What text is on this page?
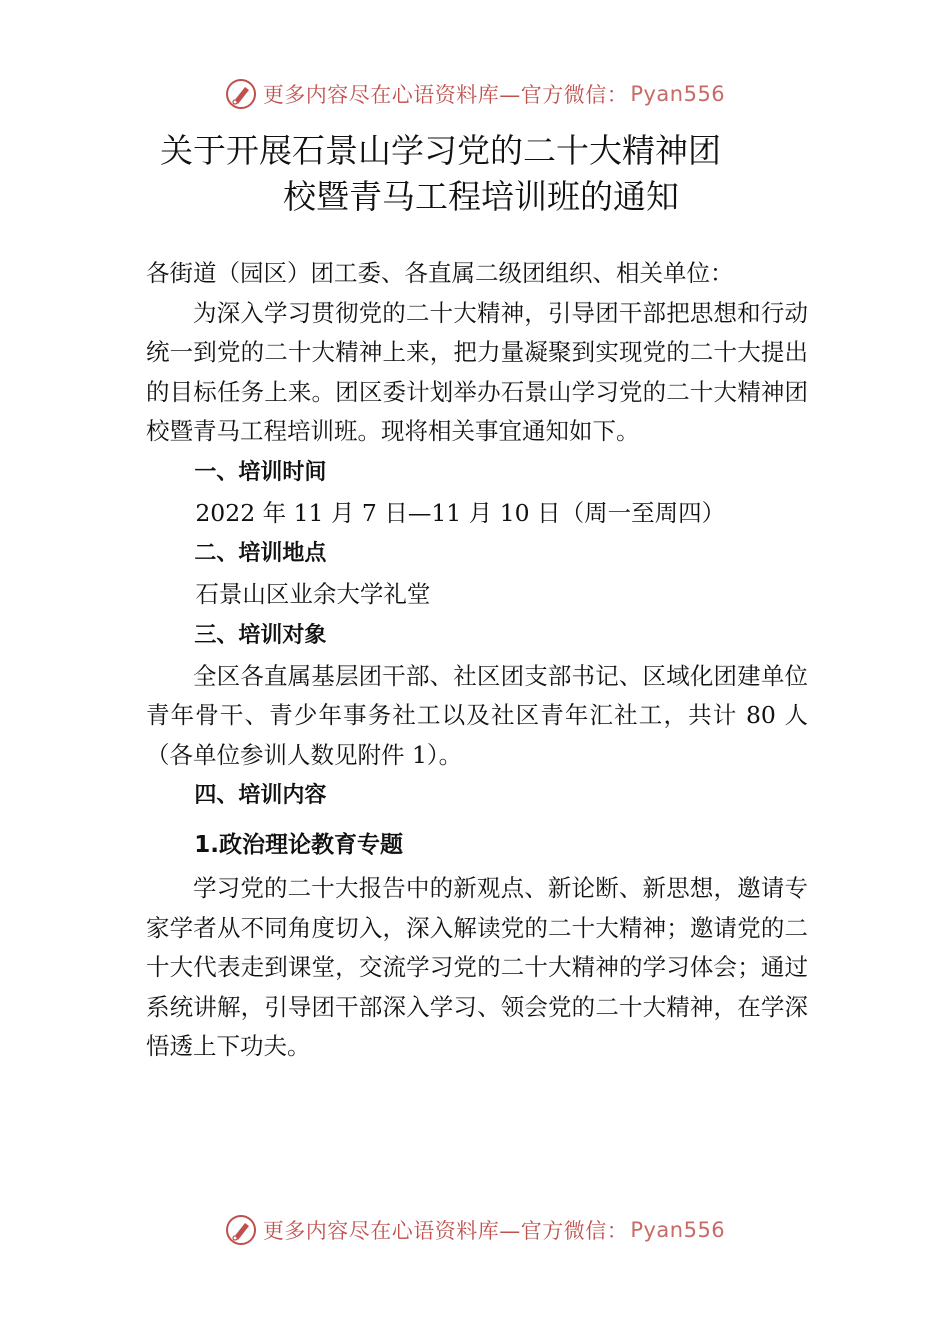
更多内容尽在心语资料库—官方微信： Pyan556
关于开展石景山学习党的二十大精神团
校暨青马工程培训班的通知

各街道（园区）团工委、各直属二级团组织、相关单位：

为深入学习贯彻党的二十大精神，引导团干部把思想和行动统一到党的二十大精神上来，把力量凝聚到实现党的二十大提出的目标任务上来。团区委计划举办石景山学习党的二十大精神团校暨青马工程培训班。现将相关事宜通知如下。

一、培训时间

2022 年 11 月 7 日—11 月 10 日（周一至周四）

二、培训地点

石景山区业余大学礼堂

三、培训对象

全区各直属基层团干部、社区团支部书记、区域化团建单位青年骨干、青少年事务社工以及社区青年汇社工，共计 80 人（各单位参训人数见附件 1）。

四、培训内容

1.政治理论教育专题

学习党的二十大报告中的新观点、新论断、新思想，邀请专家学者从不同角度切入，深入解读党的二十大精神；邀请党的二十大代表走到课堂，交流学习党的二十大精神的学习体会；通过系统讲解，引导团干部深入学习、领会党的二十大精神，在学深悟透上下功夫。

更多内容尽在心语资料库—官方微信： Pyan556
